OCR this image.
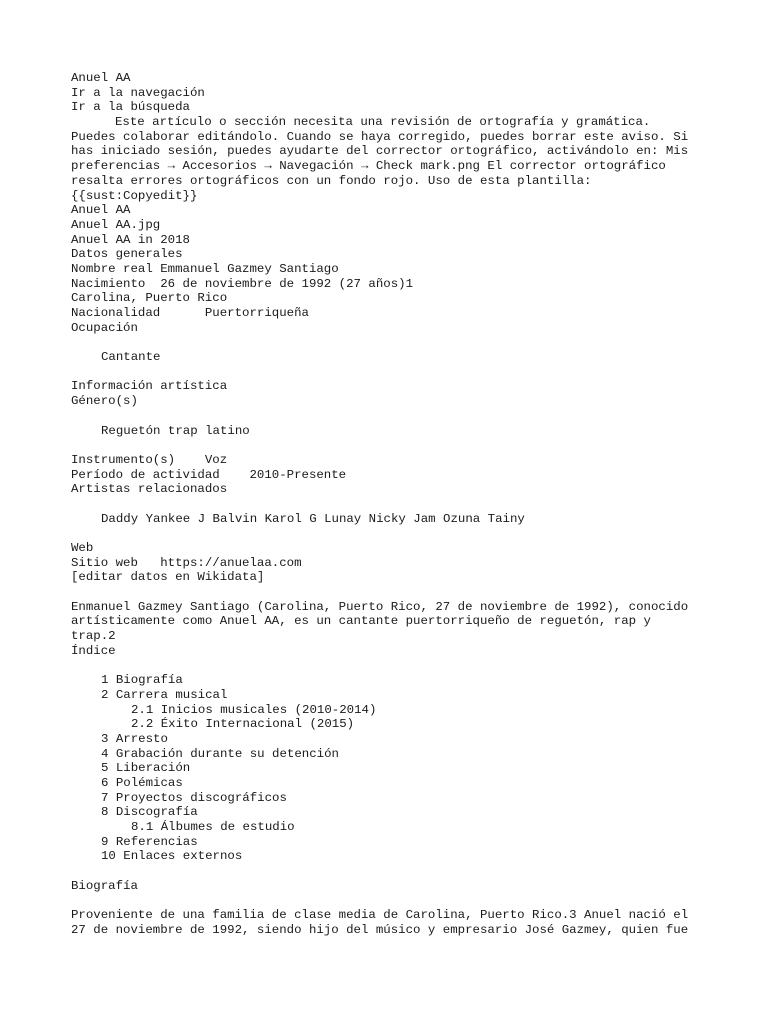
Anuel AA
Ir a la navegación
Ir a la búsqueda
Este artículo o sección necesita una revisión de ortografía y gramática.
Puedes colaborar editándolo. Cuando se haya corregido, puedes borrar este aviso. Si
has iniciado sesión, puedes ayudarte del corrector ortográfico, activándolo en: Mis
preferencias → Accesorios → Navegación → Check mark.png El corrector ortográfico
resalta errores ortográficos con un fondo rojo. Uso de esta plantilla:
{{sust:Copyedit}}
Anuel AA
Anuel AA.jpg
Anuel AA in 2018
Datos generales
Nombre real Emmanuel Gazmey Santiago
Nacimiento  26 de noviembre de 1992 (27 años)1
Carolina, Puerto Rico
Nacionalidad      Puertorriqueña
Ocupación
Cantante
Información artística
Género(s)
Reguetón trap latino
Instrumento(s)    Voz
Período de actividad    2010-Presente
Artistas relacionados
Daddy Yankee J Balvin Karol G Lunay Nicky Jam Ozuna Tainy
Web
Sitio web   https://anuelaa.com
[editar datos en Wikidata]
Enmanuel Gazmey Santiago (Carolina, Puerto Rico, 27 de noviembre de 1992), conocido
artísticamente como Anuel AA, es un cantante puertorriqueño de reguetón, rap y
trap.2
Índice
1 Biografía
2 Carrera musical
2.1 Inicios musicales (2010-2014)
2.2 Éxito Internacional (2015)
3 Arresto
4 Grabación durante su detención
5 Liberación
6 Polémicas
7 Proyectos discográficos
8 Discografía
8.1 Álbumes de estudio
9 Referencias
10 Enlaces externos
Biografía
Proveniente de una familia de clase media de Carolina, Puerto Rico.3 Anuel nació el
27 de noviembre de 1992, siendo hijo del músico y empresario José Gazmey, quien fue
